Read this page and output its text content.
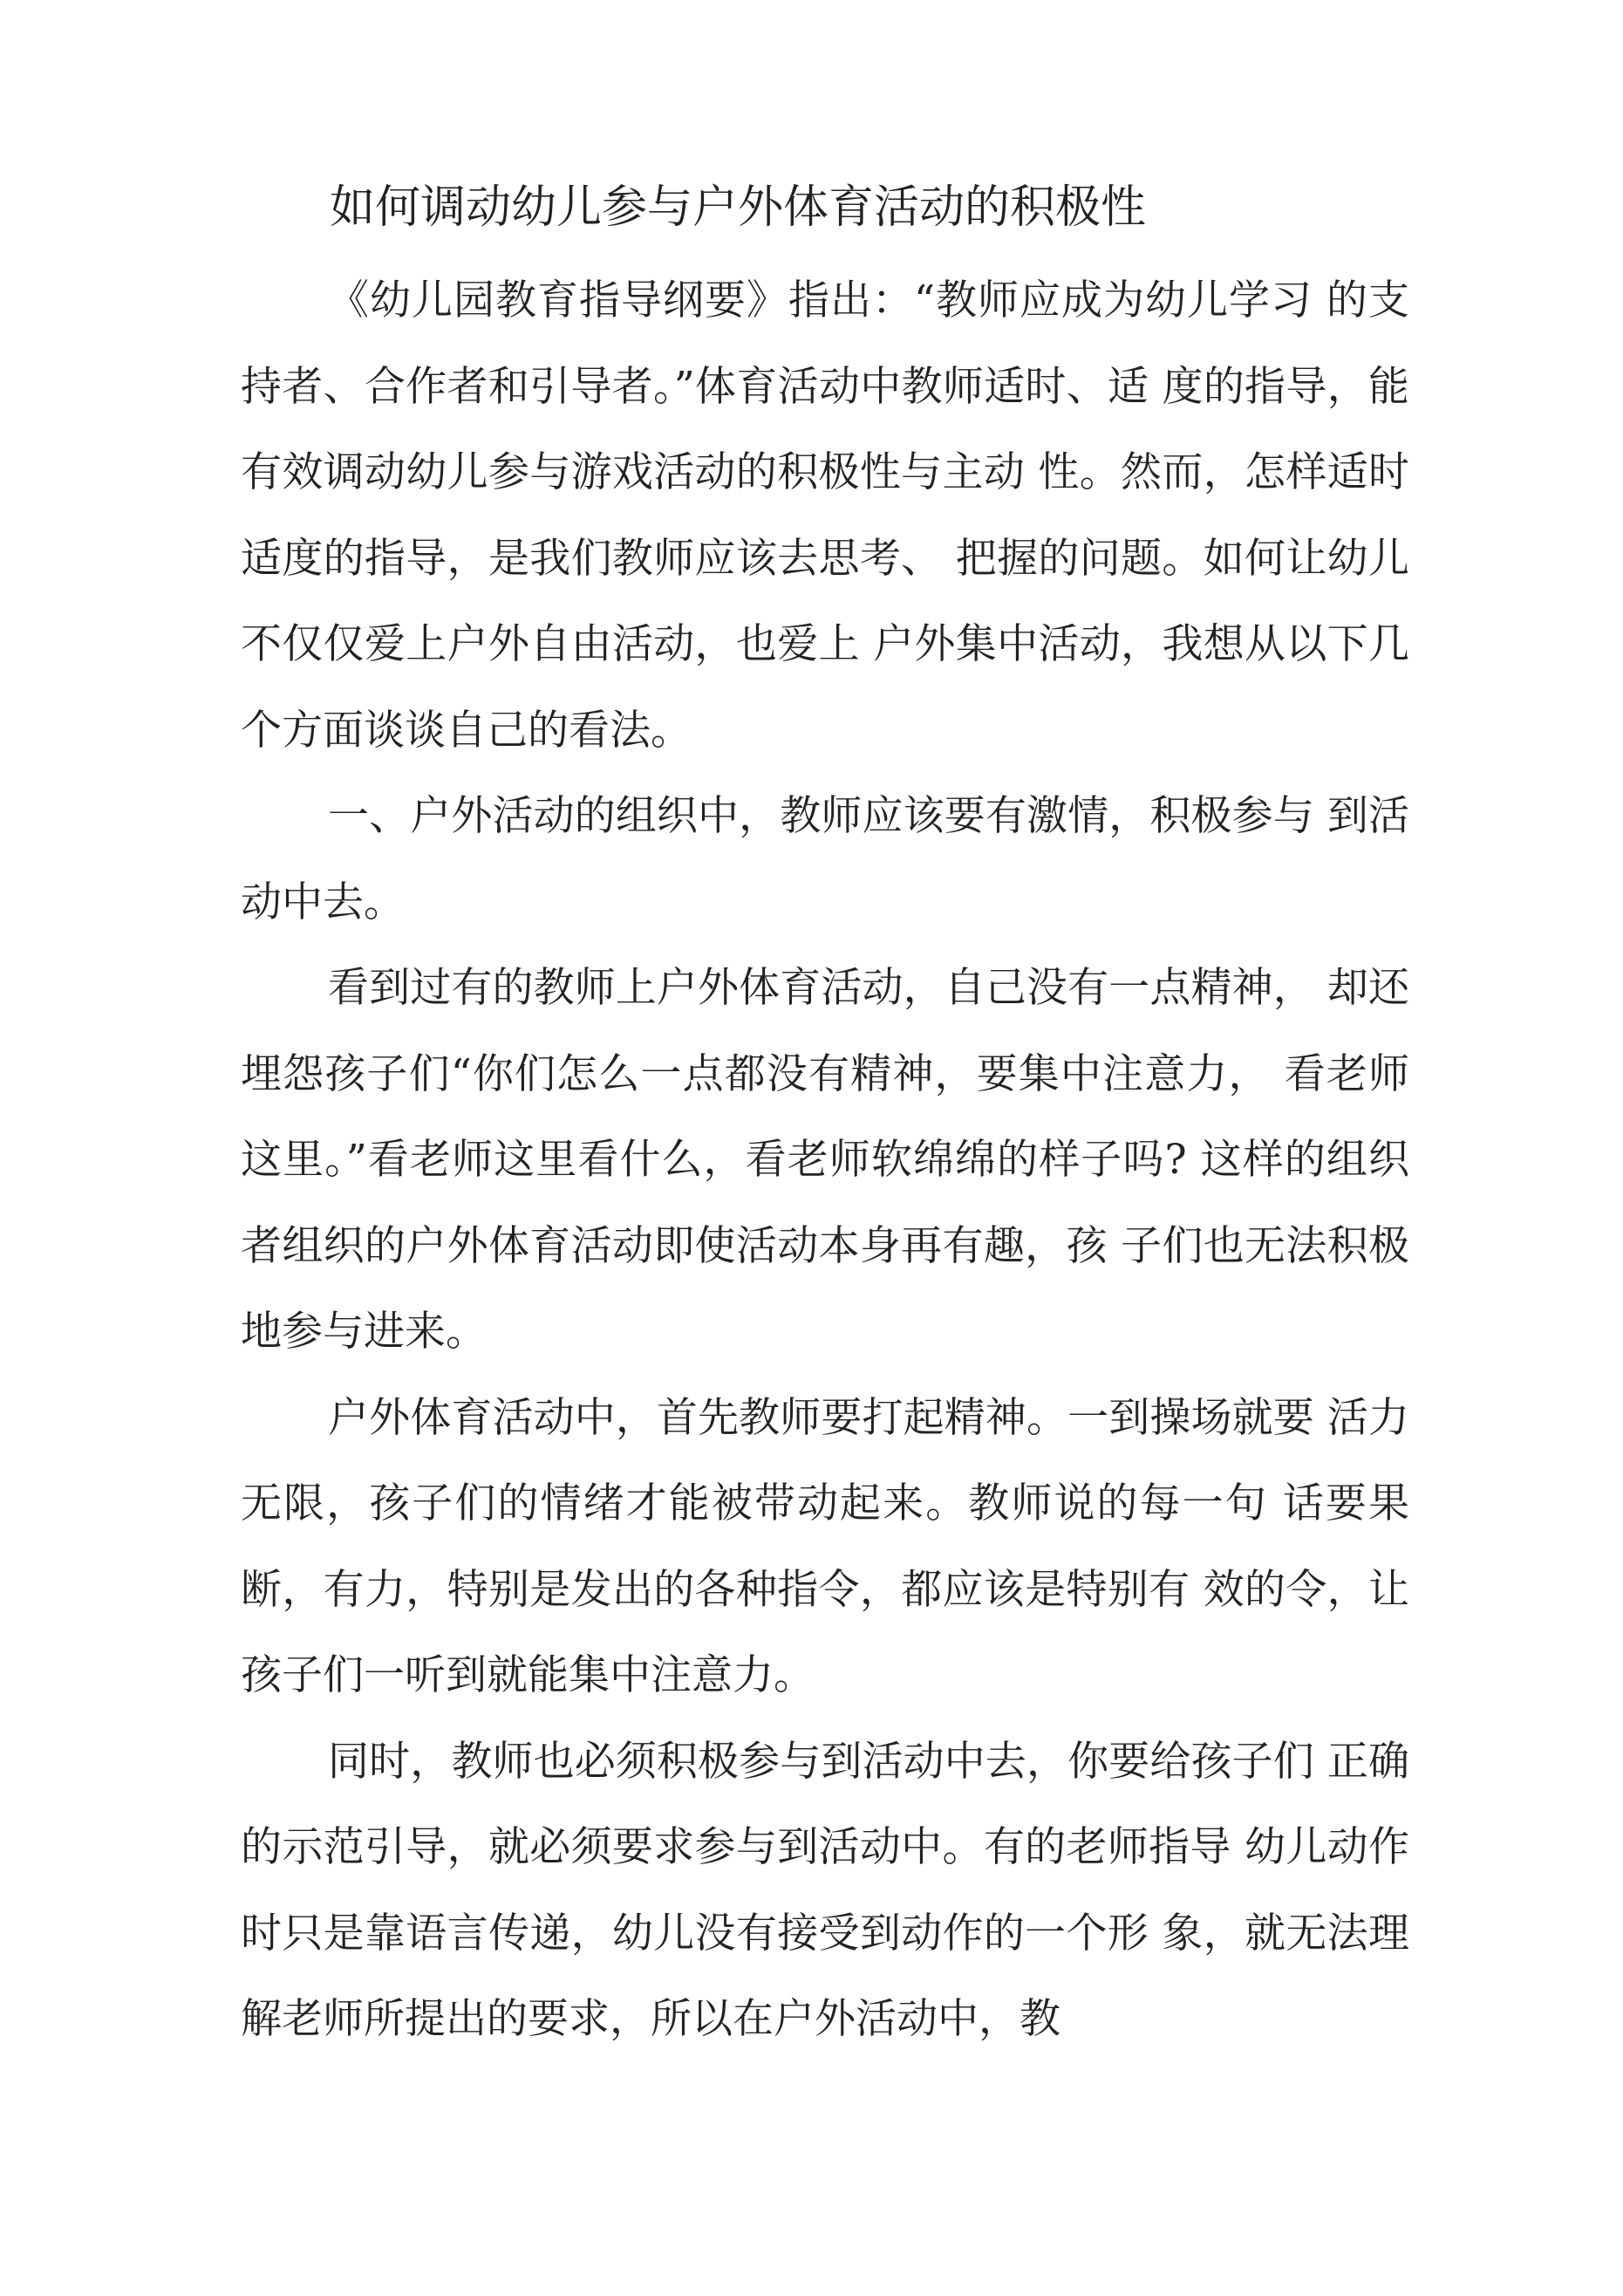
如何调动幼儿参与户外体育活动的积极性

《幼儿园教育指导纲要》指出：“教师应成为幼儿学习 的支持者、合作者和引导者。”体育活动中教师适时、适 度的指导，能有效调动幼儿参与游戏活动的积极性与主动 性。然而，怎样适时适度的指导，是我们教师应该去思考、 把握的问题。如何让幼儿不仅仅爱上户外自由活动，也爱上 户外集中活动，我想从以下几个方面谈谈自己的看法。

一、户外活动的组织中，教师应该要有激情，积极参与 到活动中去。

看到过有的教师上户外体育活动，自己没有一点精神， 却还埋怨孩子们“你们怎么一点都没有精神，要集中注意力， 看老师这里。”看老师这里看什么，看老师软绵绵的样子吗? 这样的组织者组织的户外体育活动即使活动本身再有趣，孩 子们也无法积极地参与进来。

户外体育活动中，首先教师要打起精神。一到操场就要 活力无限，孩子们的情绪才能被带动起来。教师说的每一句 话要果断，有力，特别是发出的各种指令，都应该是特别有 效的令，让孩子们一听到就能集中注意力。

同时，教师也必须积极参与到活动中去，你要给孩子们 正确的示范引导，就必须要求参与到活动中。有的老师指导 幼儿动作时只是靠语言传递，幼儿没有接受到动作的一个形 象，就无法理解老师所提出的要求，所以在户外活动中，教
